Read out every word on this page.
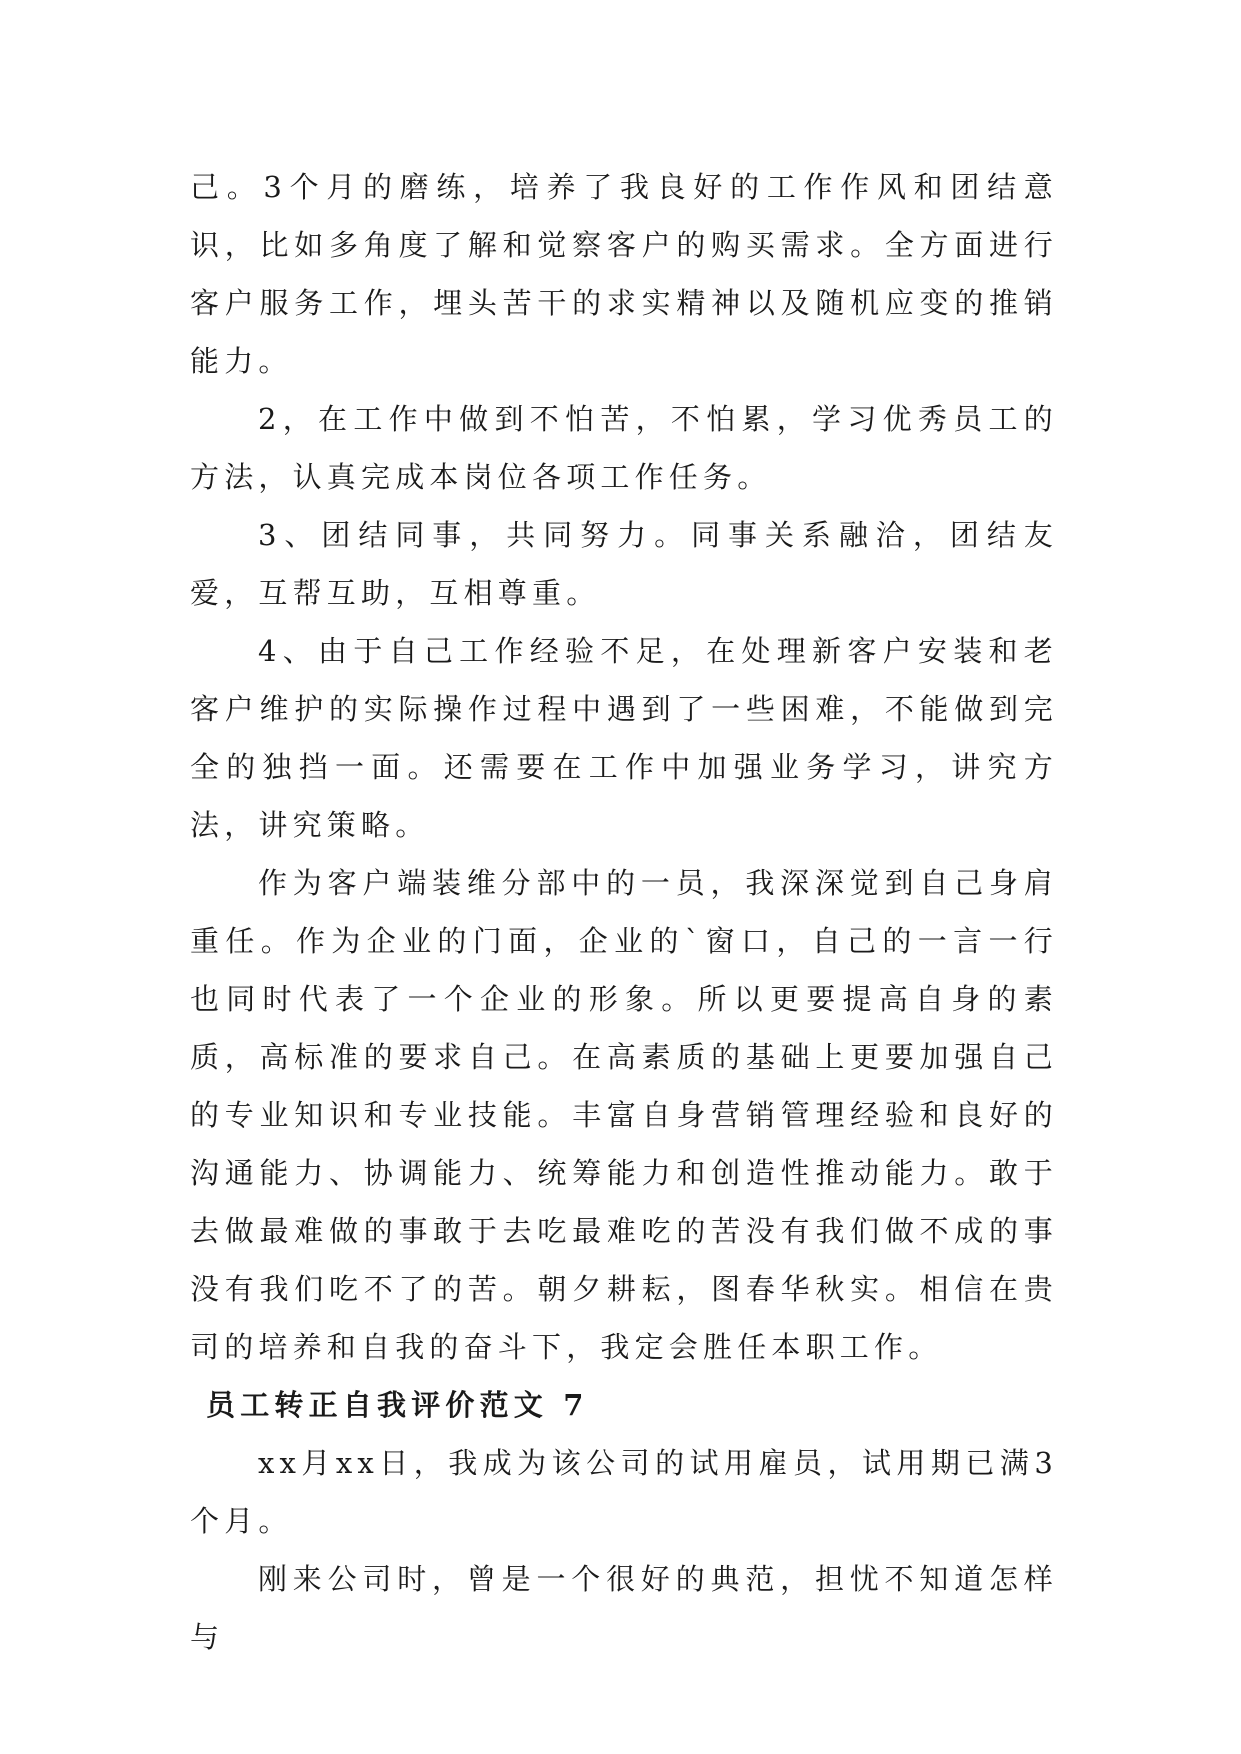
己。3个月的磨练，培养了我良好的工作作风和团结意识，比如多角度了解和觉察客户的购买需求。全方面进行客户服务工作，埋头苦干的求实精神以及随机应变的推销能力。

2，在工作中做到不怕苦，不怕累，学习优秀员工的方法，认真完成本岗位各项工作任务。

3、团结同事，共同努力。同事关系融洽，团结友爱，互帮互助，互相尊重。

4、由于自己工作经验不足，在处理新客户安装和老客户维护的实际操作过程中遇到了一些困难，不能做到完全的独挡一面。还需要在工作中加强业务学习，讲究方法，讲究策略。

作为客户端装维分部中的一员，我深深觉到自己身肩重任。作为企业的门面，企业的`窗口，自己的一言一行也同时代表了一个企业的形象。所以更要提高自身的素质，高标准的要求自己。在高素质的基础上更要加强自己的专业知识和专业技能。丰富自身营销管理经验和良好的沟通能力、协调能力、统筹能力和创造性推动能力。敢于去做最难做的事敢于去吃最难吃的苦没有我们做不成的事没有我们吃不了的苦。朝夕耕耘，图春华秋实。相信在贵司的培养和自我的奋斗下，我定会胜任本职工作。

员工转正自我评价范文 7

xx月xx日，我成为该公司的试用雇员，试用期已满3个月。

刚来公司时，曾是一个很好的典范，担忧不知道怎样与
